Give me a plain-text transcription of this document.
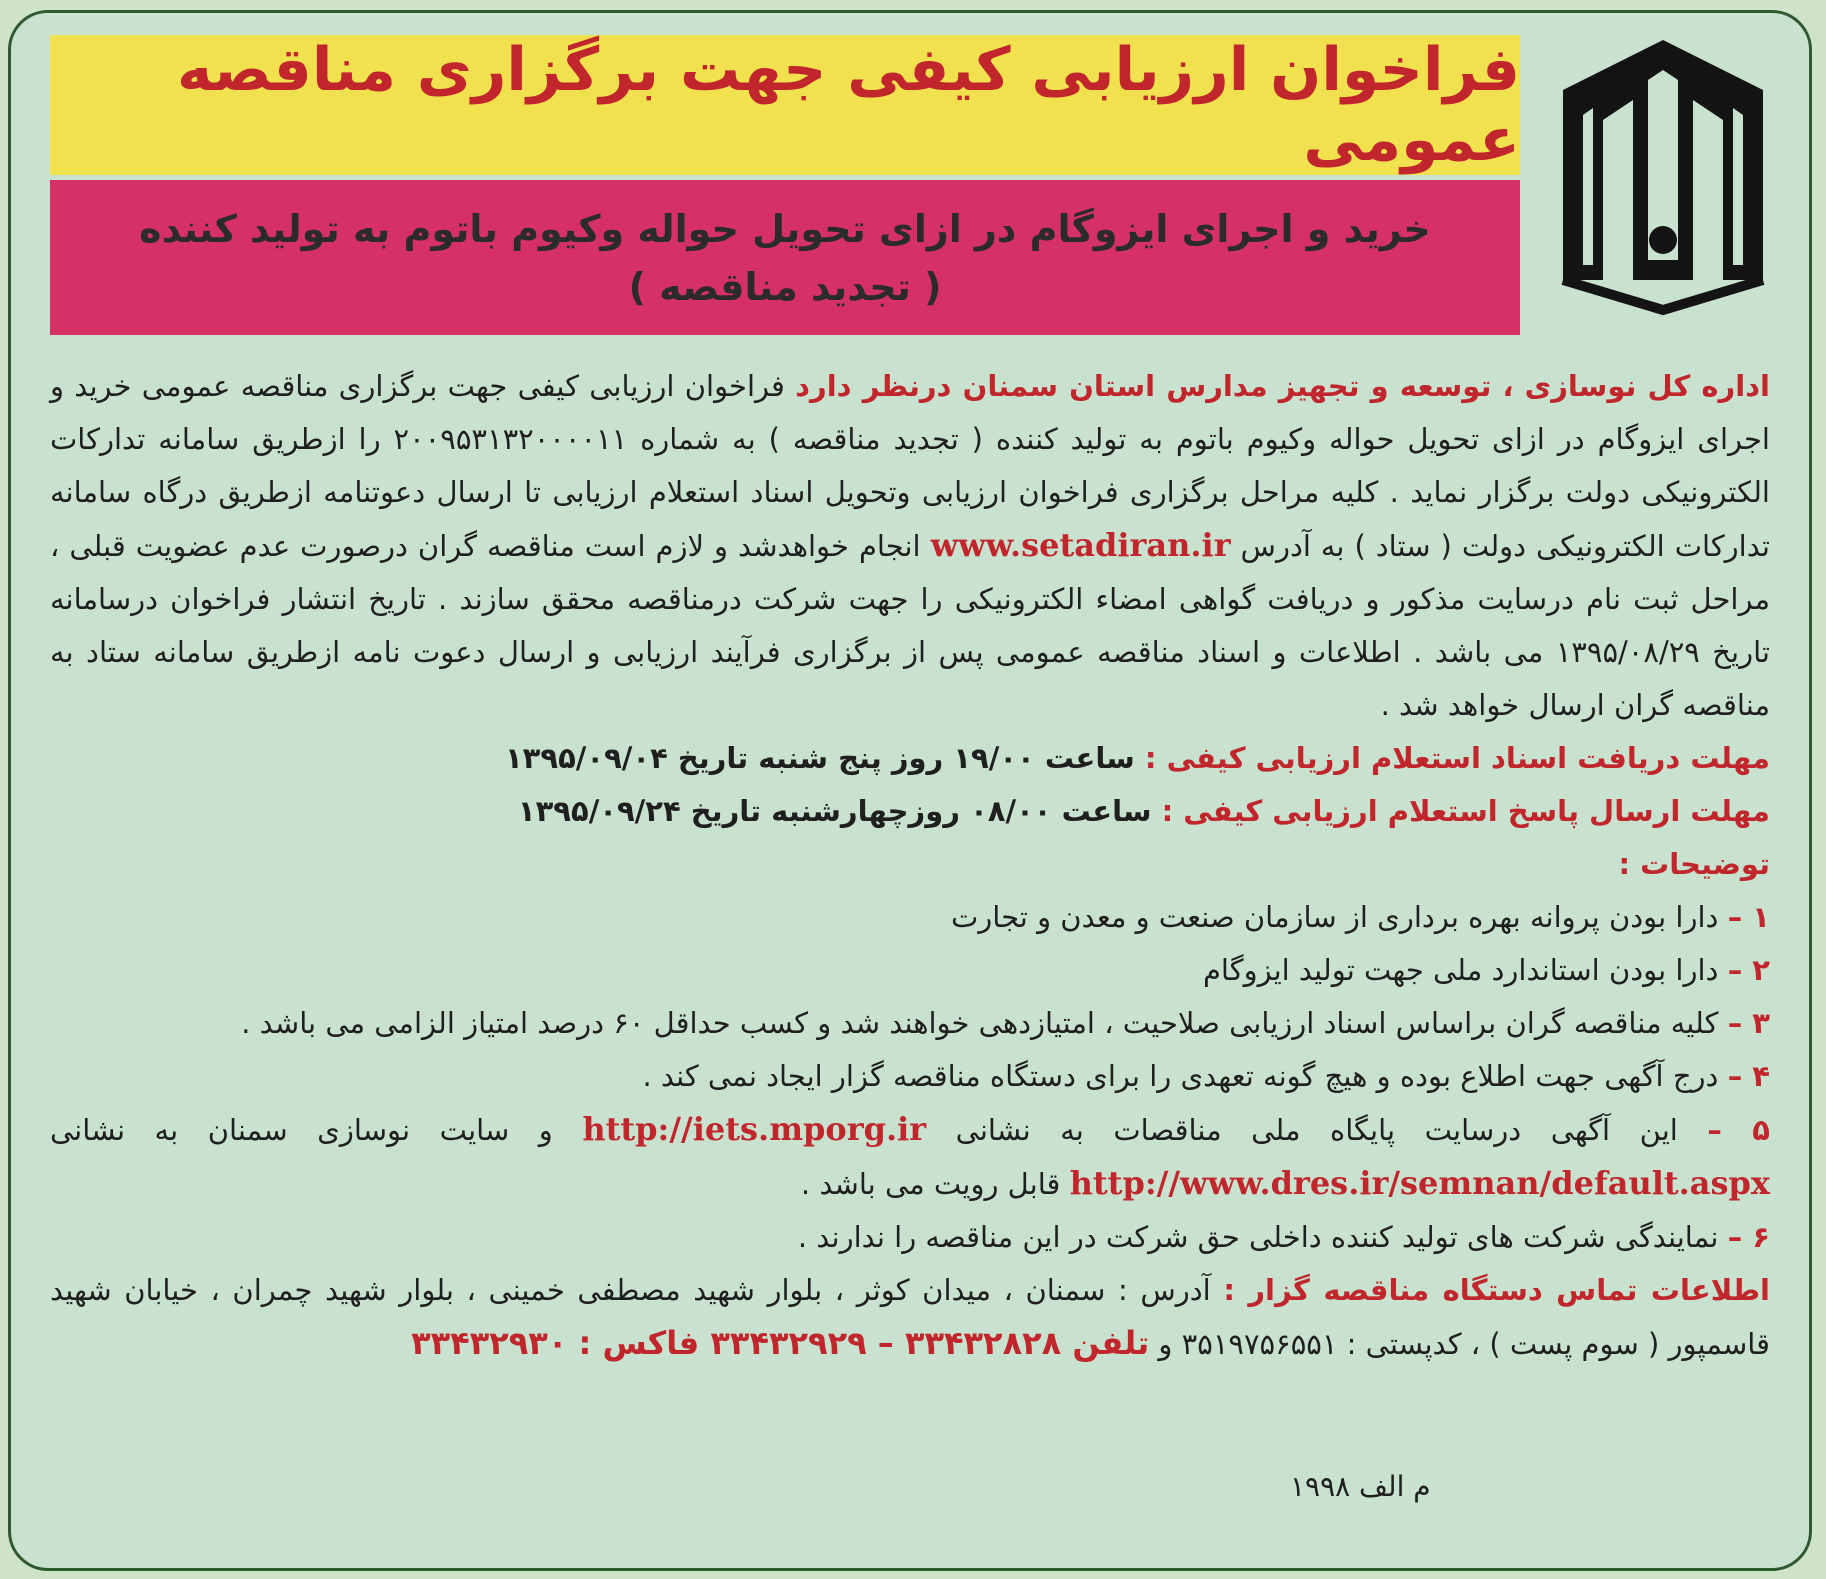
فراخوان ارزیابی کیفی جهت برگزاری مناقصه عمومی
خرید و اجرای ایزوگام در ازای تحویل حواله وکیوم باتوم به تولید کننده
( تجدید مناقصه )

اداره کل نوسازی ، توسعه و تجهیز مدارس استان سمنان درنظر دارد فراخوان ارزیابی کیفی جهت برگزاری مناقصه عمومی خرید و اجرای ایزوگام در ازای تحویل حواله وکیوم باتوم به تولید کننده ( تجدید مناقصه ) به شماره ۲۰۰۹۵۳۱۳۲۰۰۰۰۱۱ را ازطریق سامانه تدارکات الکترونیکی دولت برگزار نماید . کلیه مراحل برگزاری فراخوان ارزیابی وتحویل اسناد استعلام ارزیابی تا ارسال دعوتنامه ازطریق درگاه سامانه تدارکات الکترونیکی دولت ( ستاد ) به آدرس www.setadiran.ir انجام خواهدشد و لازم است مناقصه گران درصورت عدم عضویت قبلی ، مراحل ثبت نام درسایت مذکور و دریافت گواهی امضاء الکترونیکی را جهت شرکت درمناقصه محقق سازند . تاریخ انتشار فراخوان درسامانه تاریخ ۱۳۹۵/۰۸/۲۹ می باشد . اطلاعات و اسناد مناقصه عمومی پس از برگزاری فرآیند ارزیابی و ارسال دعوت نامه ازطریق سامانه ستاد به مناقصه گران ارسال خواهد شد .

مهلت دریافت اسناد استعلام ارزیابی کیفی : ساعت ۱۹/۰۰ روز پنج شنبه تاریخ ۱۳۹۵/۰۹/۰۴

مهلت ارسال پاسخ استعلام ارزیابی کیفی : ساعت ۰۸/۰۰ روزچهارشنبه تاریخ ۱۳۹۵/۰۹/۲۴

توضیحات :

۱ – دارا بودن پروانه بهره برداری از سازمان صنعت و معدن و تجارت

۲ – دارا بودن استاندارد ملی جهت تولید ایزوگام

۳ – کلیه مناقصه گران براساس اسناد ارزیابی صلاحیت ، امتیازدهی خواهند شد و کسب حداقل ۶۰ درصد امتیاز الزامی می باشد .

۴ – درج آگهی جهت اطلاع بوده و هیچ گونه تعهدی را برای دستگاه مناقصه گزار ایجاد نمی کند .

۵ – این آگهی درسایت پایگاه ملی مناقصات به نشانی http://iets.mporg.ir و سایت نوسازی سمنان به نشانی http://www.dres.ir/semnan/default.aspx قابل رویت می باشد .

۶ – نمایندگی شرکت های تولید کننده داخلی حق شرکت در این مناقصه را ندارند .

اطلاعات تماس دستگاه مناقصه گزار : آدرس : سمنان ، میدان کوثر ، بلوار شهید مصطفی خمینی ، بلوار شهید چمران ، خیابان شهید قاسمپور ( سوم پست ) ، کدپستی : ۳۵۱۹۷۵۶۵۵۱ و تلفن ۳۳۴۳۲۸۲۸ – ۳۳۴۳۲۹۲۹ فاکس : ۳۳۴۳۲۹۳۰

م الف ۱۹۹۸
